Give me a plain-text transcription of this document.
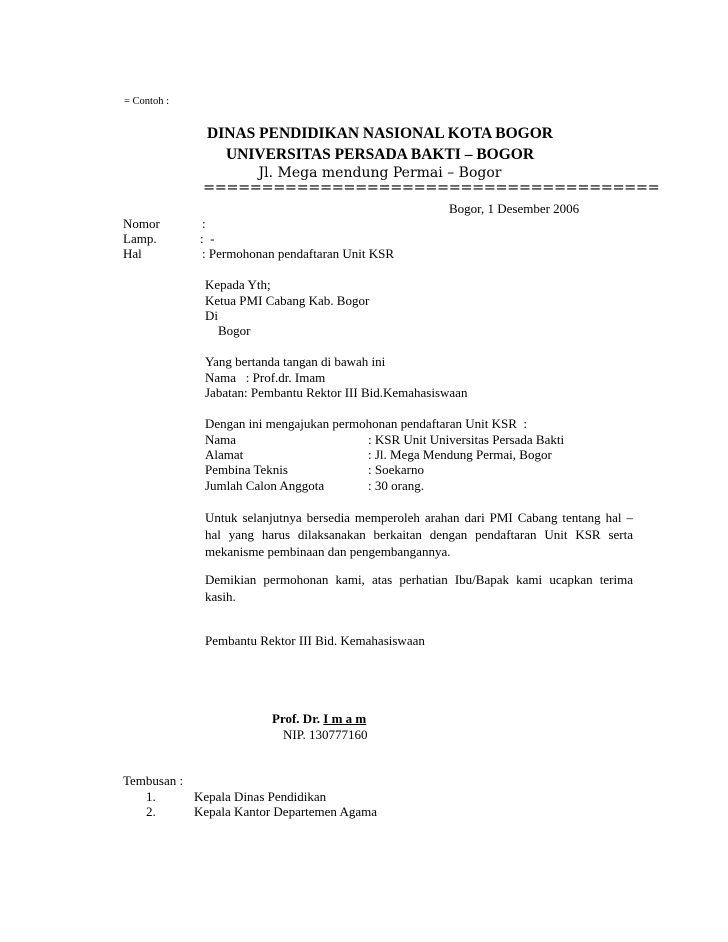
= Contoh :
DINAS PENDIDIKAN NASIONAL KOTA BOGOR
UNIVERSITAS PERSADA BAKTI – BOGOR
Jl. Mega mendung Permai – Bogor
=======================================
Bogor, 1 Desember 2006
Nomor	:
Lamp.	:  -
Hal	: Permohonan pendaftaran Unit KSR
Kepada Yth;
Ketua PMI Cabang Kab. Bogor
Di
Bogor
Yang bertanda tangan di bawah ini
Nama   : Prof.dr. Imam
Jabatan: Pembantu Rektor III Bid.Kemahasiswaan
Dengan ini mengajukan permohonan pendaftaran Unit KSR  :
Nama	: KSR Unit Universitas Persada Bakti
Alamat	: Jl. Mega Mendung Permai, Bogor
Pembina Teknis	: Soekarno
Jumlah Calon Anggota	: 30 orang.
Untuk selanjutnya bersedia memperoleh arahan dari PMI Cabang tentang hal – hal yang harus dilaksanakan berkaitan dengan pendaftaran Unit KSR serta mekanisme pembinaan dan pengembangannya.
Demikian permohonan kami, atas perhatian Ibu/Bapak kami ucapkan terima kasih.
Pembantu Rektor III Bid. Kemahasiswaan
Prof. Dr. I m a m
NIP. 130777160
Tembusan :
1.	Kepala Dinas Pendidikan
2.	Kepala Kantor Departemen Agama
